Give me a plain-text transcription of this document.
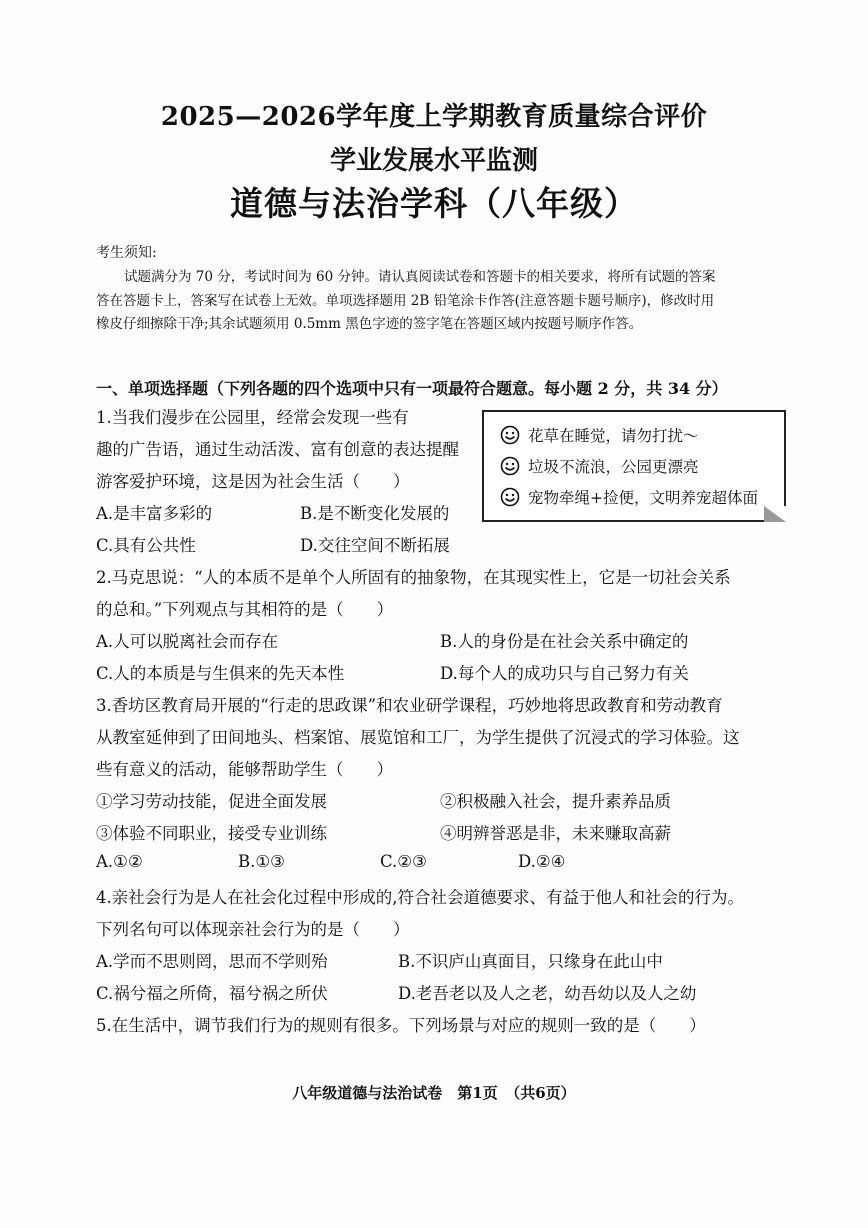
2025—2026学年度上学期教育质量综合评价
学业发展水平监测
道德与法治学科（八年级）
考生须知:

试题满分为 70 分，考试时间为 60 分钟。请认真阅读试卷和答题卡的相关要求，将所有试题的答案

答在答题卡上，答案写在试卷上无效。单项选择题用 2B 铅笔涂卡作答(注意答题卡题号顺序)，修改时用

橡皮仔细擦除干净;其余试题须用 0.5mm 黑色字迹的签字笔在答题区域内按题号顺序作答。

一、单项选择题（下列各题的四个选项中只有一项最符合题意。每小题 2 分，共 34 分）
1.当我们漫步在公园里，经常会发现一些有
趣的广告语，通过生动活泼、富有创意的表达提醒
游客爱护环境，这是因为社会生活（　　）
花草在睡觉，请勿打扰～
垃圾不流浪，公园更漂亮
宠物牵绳+捡便，文明养宠超体面
A.是丰富多彩的	B.是不断变化发展的
C.具有公共性	D.交往空间不断拓展
2.马克思说：“人的本质不是单个人所固有的抽象物，在其现实性上，它是一切社会关系
的总和。”下列观点与其相符的是（　　）
A.人可以脱离社会而存在	B.人的身份是在社会关系中确定的
C.人的本质是与生俱来的先天本性	D.每个人的成功只与自己努力有关
3.香坊区教育局开展的“行走的思政课”和农业研学课程，巧妙地将思政教育和劳动教育
从教室延伸到了田间地头、档案馆、展览馆和工厂，为学生提供了沉浸式的学习体验。这
些有意义的活动，能够帮助学生（　　）
①学习劳动技能，促进全面发展	②积极融入社会，提升素养品质
③体验不同职业，接受专业训练	④明辨誉恶是非，未来赚取高薪
A.①②	B.①③	C.②③	D.②④
4.亲社会行为是人在社会化过程中形成的,符合社会道德要求、有益于他人和社会的行为。
下列名句可以体现亲社会行为的是（　　）
A.学而不思则罔，思而不学则殆	B.不识庐山真面目，只缘身在此山中
C.祸兮福之所倚，福兮祸之所伏	D.老吾老以及人之老，幼吾幼以及人之幼
5.在生活中，调节我们行为的规则有很多。下列场景与对应的规则一致的是（　　）
八年级道德与法治试卷　第1页　（共6页）
